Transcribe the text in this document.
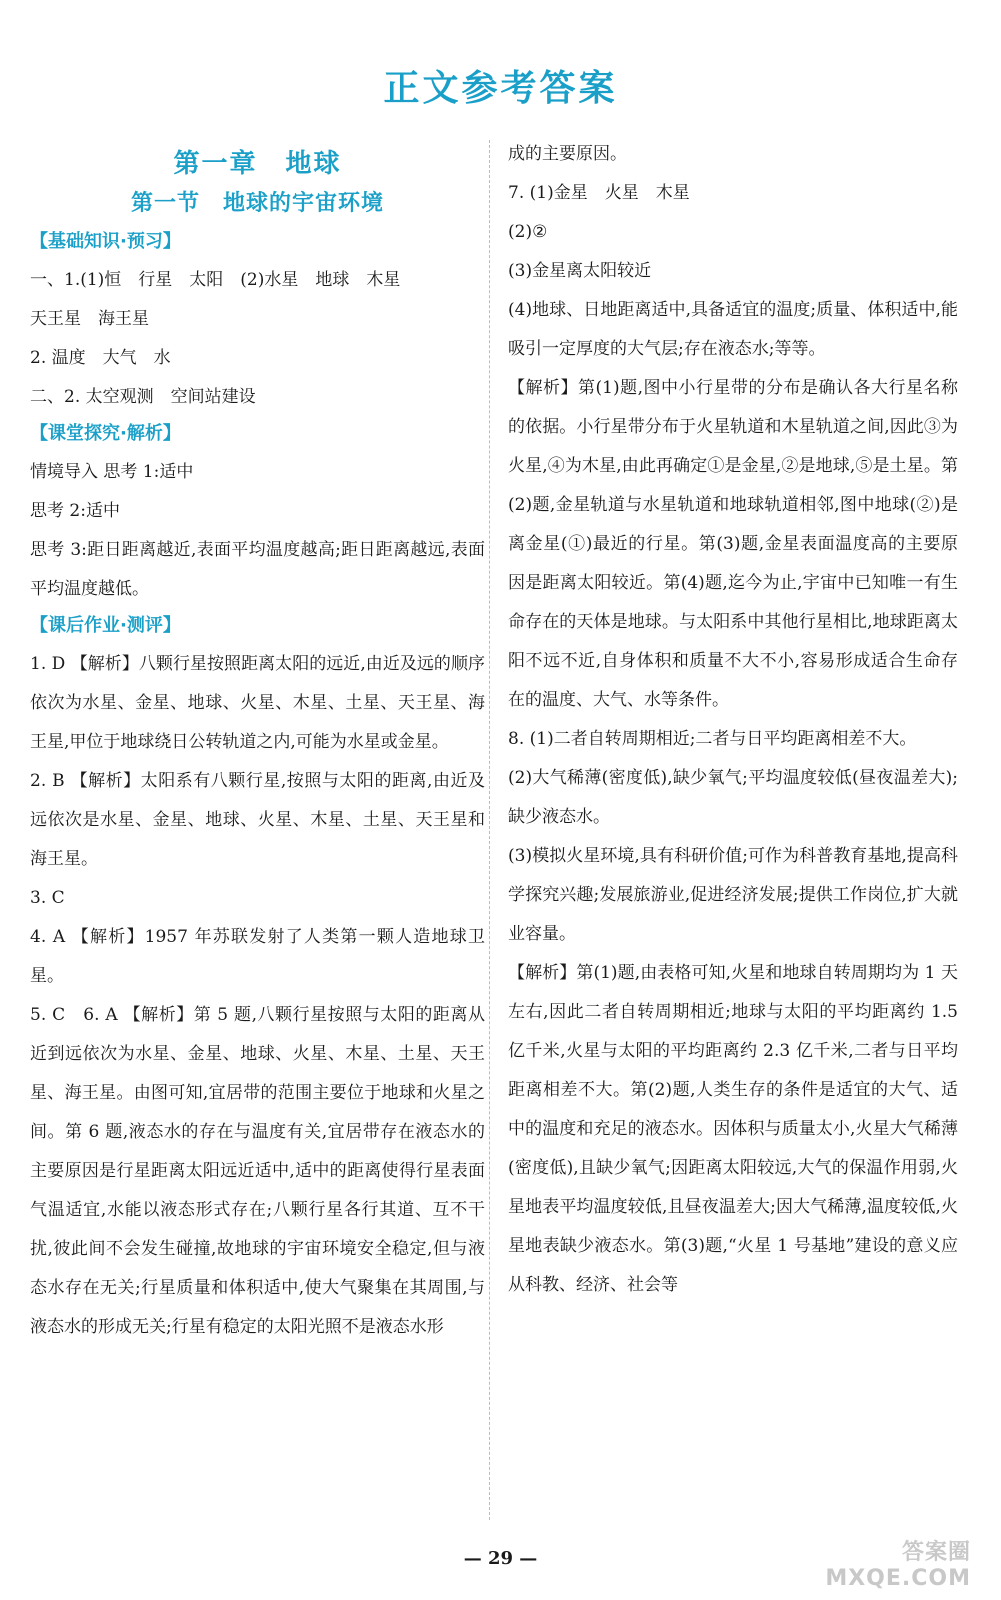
正文参考答案
第一章　地球
第一节　地球的宇宙环境
【基础知识·预习】

一、1.(1)恒　行星　太阳　(2)水星　地球　木星

天王星　海王星

2. 温度　大气　水

二、2. 太空观测　空间站建设

【课堂探究·解析】

情境导入 思考 1:适中

思考 2:适中

思考 3:距日距离越近,表面平均温度越高;距日距离越远,表面平均温度越低。

【课后作业·测评】

1. D 【解析】八颗行星按照距离太阳的远近,由近及远的顺序依次为水星、金星、地球、火星、木星、土星、天王星、海王星,甲位于地球绕日公转轨道之内,可能为水星或金星。

2. B 【解析】太阳系有八颗行星,按照与太阳的距离,由近及远依次是水星、金星、地球、火星、木星、土星、天王星和海王星。

3. C

4. A 【解析】1957 年苏联发射了人类第一颗人造地球卫星。

5. C　6. A 【解析】第 5 题,八颗行星按照与太阳的距离从近到远依次为水星、金星、地球、火星、木星、土星、天王星、海王星。由图可知,宜居带的范围主要位于地球和火星之间。第 6 题,液态水的存在与温度有关,宜居带存在液态水的主要原因是行星距离太阳远近适中,适中的距离使得行星表面气温适宜,水能以液态形式存在;八颗行星各行其道、互不干扰,彼此间不会发生碰撞,故地球的宇宙环境安全稳定,但与液态水存在无关;行星质量和体积适中,使大气聚集在其周围,与液态水的形成无关;行星有稳定的太阳光照不是液态水形

成的主要原因。

7. (1)金星　火星　木星

(2)②

(3)金星离太阳较近

(4)地球、日地距离适中,具备适宜的温度;质量、体积适中,能吸引一定厚度的大气层;存在液态水;等等。

【解析】第(1)题,图中小行星带的分布是确认各大行星名称的依据。小行星带分布于火星轨道和木星轨道之间,因此③为火星,④为木星,由此再确定①是金星,②是地球,⑤是土星。第(2)题,金星轨道与水星轨道和地球轨道相邻,图中地球(②)是离金星(①)最近的行星。第(3)题,金星表面温度高的主要原因是距离太阳较近。第(4)题,迄今为止,宇宙中已知唯一有生命存在的天体是地球。与太阳系中其他行星相比,地球距离太阳不远不近,自身体积和质量不大不小,容易形成适合生命存在的温度、大气、水等条件。

8. (1)二者自转周期相近;二者与日平均距离相差不大。

(2)大气稀薄(密度低),缺少氧气;平均温度较低(昼夜温差大);缺少液态水。

(3)模拟火星环境,具有科研价值;可作为科普教育基地,提高科学探究兴趣;发展旅游业,促进经济发展;提供工作岗位,扩大就业容量。

【解析】第(1)题,由表格可知,火星和地球自转周期均为 1 天左右,因此二者自转周期相近;地球与太阳的平均距离约 1.5 亿千米,火星与太阳的平均距离约 2.3 亿千米,二者与日平均距离相差不大。第(2)题,人类生存的条件是适宜的大气、适中的温度和充足的液态水。因体积与质量太小,火星大气稀薄(密度低),且缺少氧气;因距离太阳较远,大气的保温作用弱,火星地表平均温度较低,且昼夜温差大;因大气稀薄,温度较低,火星地表缺少液态水。第(3)题,“火星 1 号基地”建设的意义应从科教、经济、社会等

— 29 —	答案圈
MXQE.COM
